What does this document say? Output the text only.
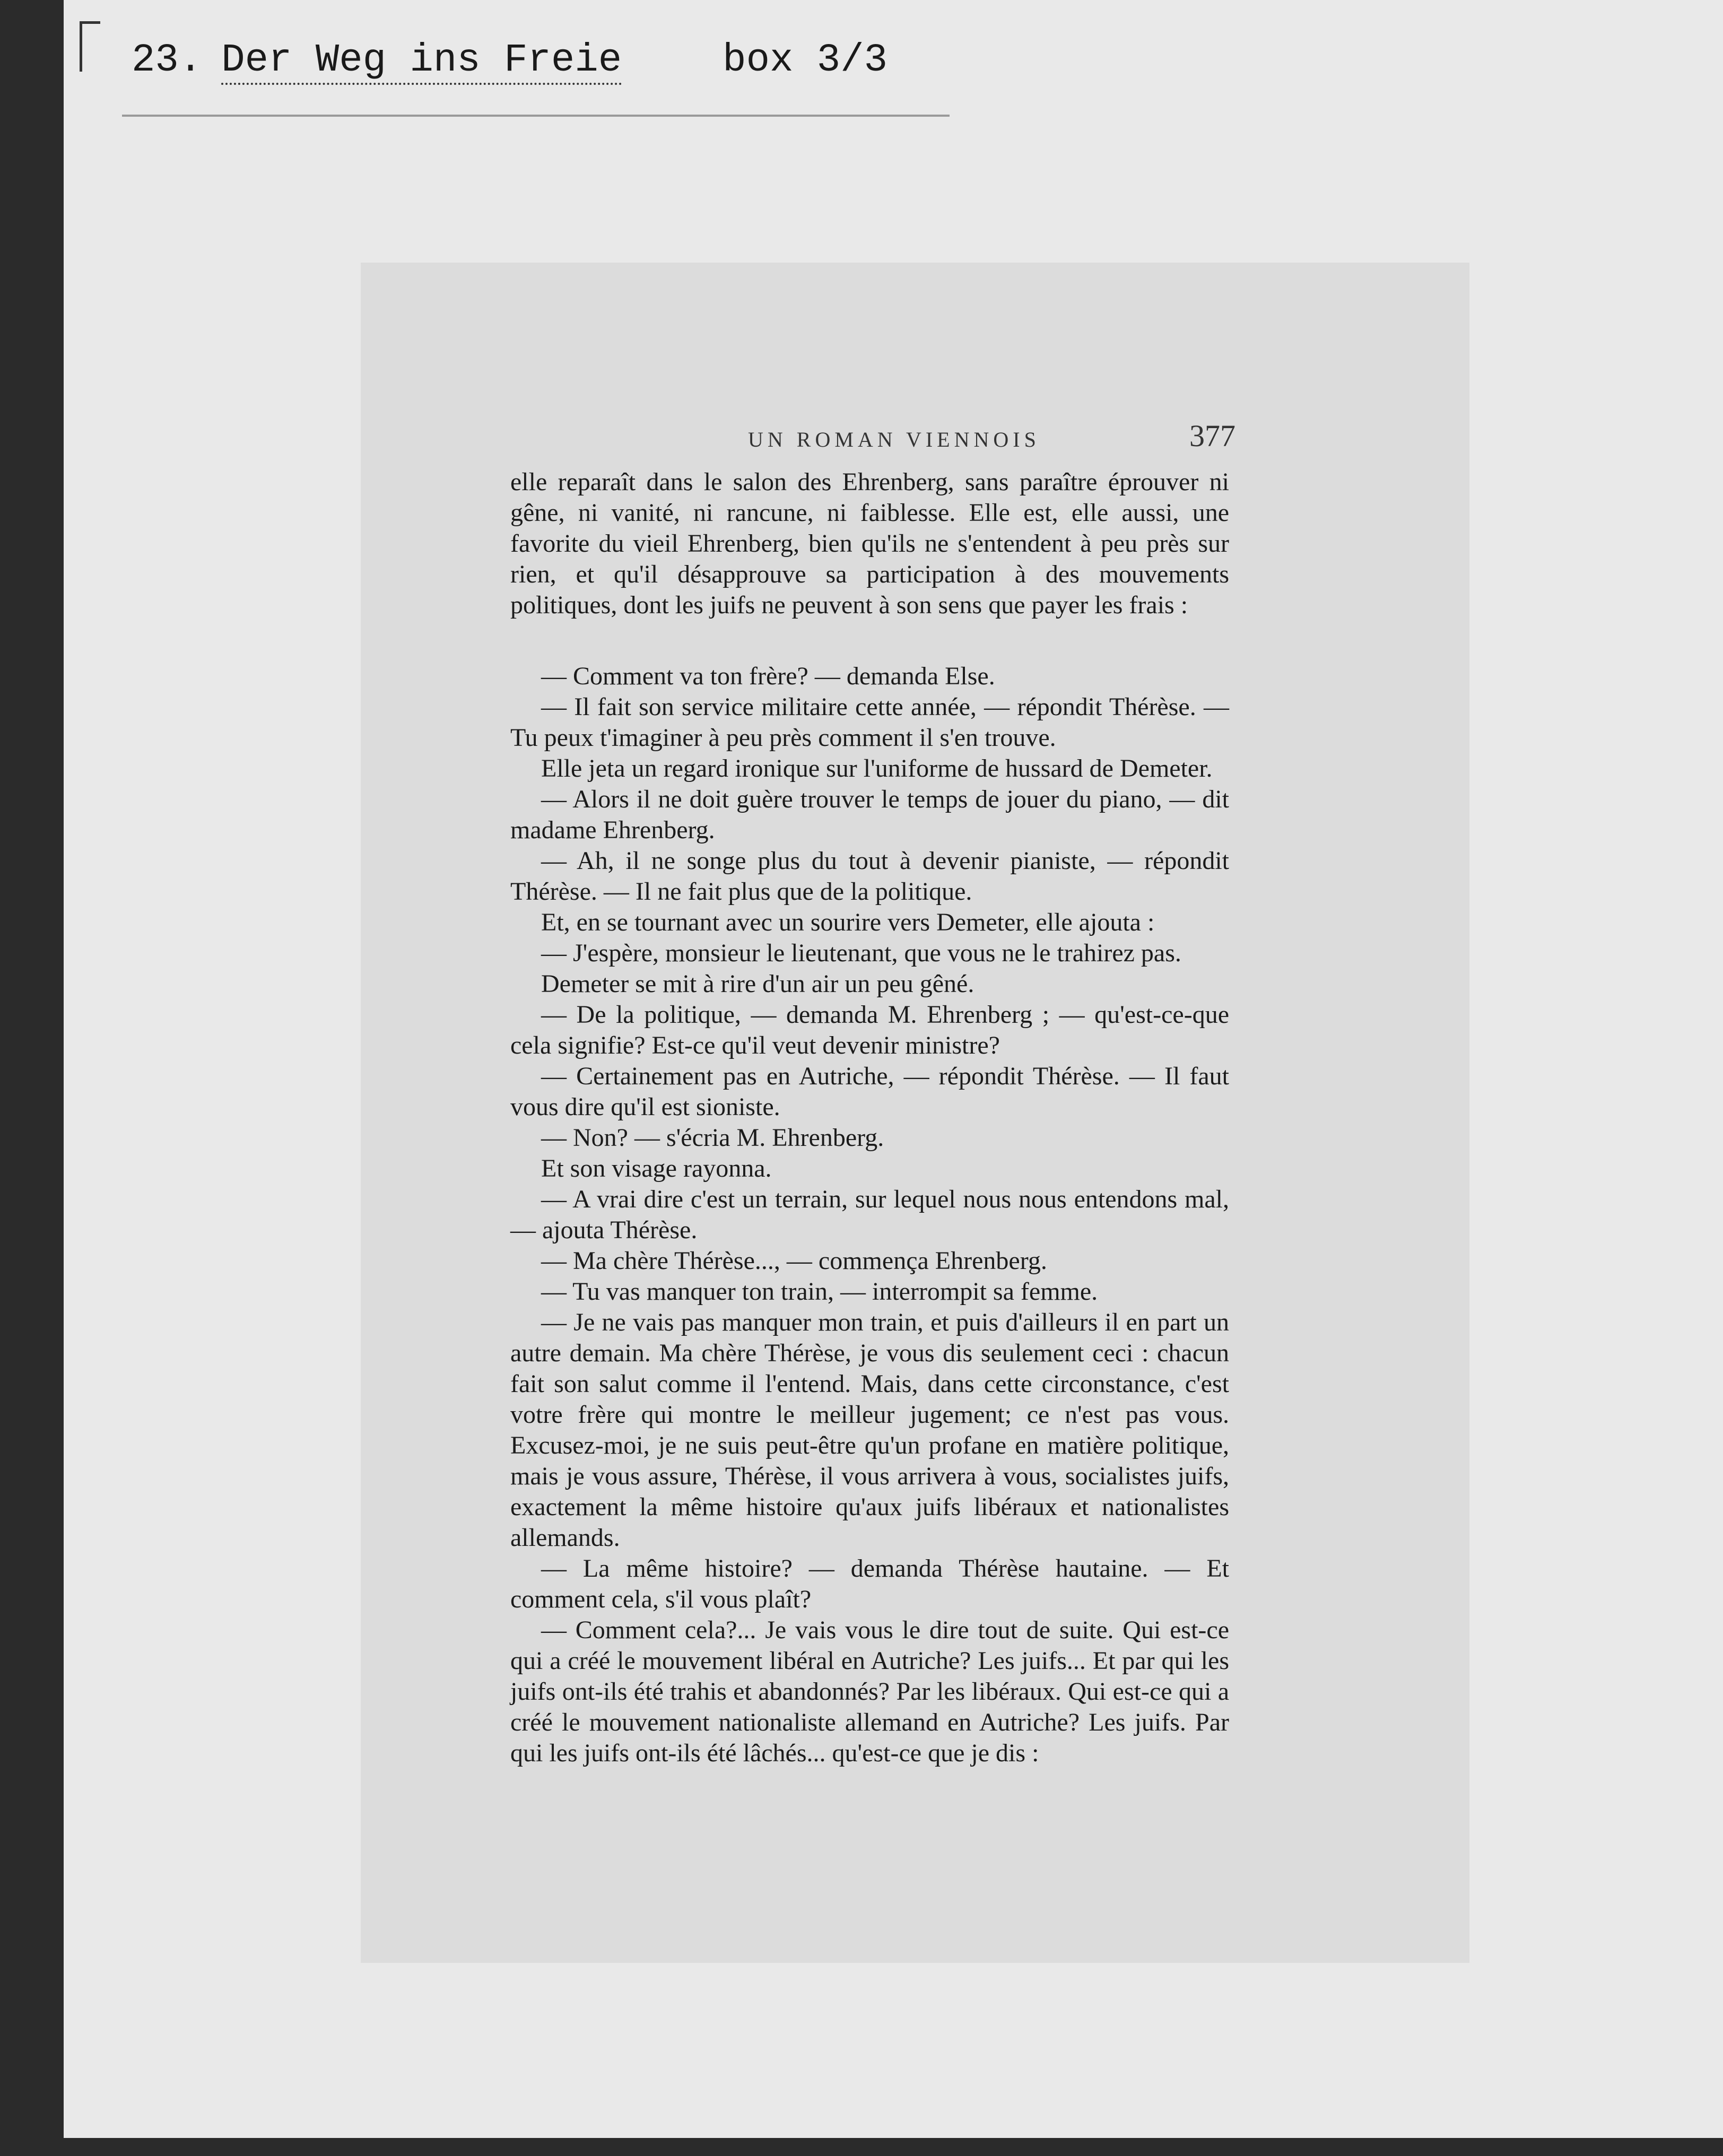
23. Der Weg ins Freie	box 3/3
UN ROMAN VIENNOIS	377

elle reparaît dans le salon des Ehrenberg, sans paraître éprouver ni gêne, ni vanité, ni rancune, ni faiblesse. Elle est, elle aussi, une favorite du vieil Ehrenberg, bien qu'ils ne s'entendent à peu près sur rien, et qu'il désapprouve sa participation à des mouvements politiques, dont les juifs ne peuvent à son sens que payer les frais :

— Comment va ton frère? — demanda Else.

— Il fait son service militaire cette année, — répondit Thérèse. — Tu peux t'imaginer à peu près comment il s'en trouve.

Elle jeta un regard ironique sur l'uniforme de hussard de Demeter.

— Alors il ne doit guère trouver le temps de jouer du piano, — dit madame Ehrenberg.

— Ah, il ne songe plus du tout à devenir pianiste, — répondit Thérèse. — Il ne fait plus que de la politique.

Et, en se tournant avec un sourire vers Demeter, elle ajouta :

— J'espère, monsieur le lieutenant, que vous ne le trahirez pas.

Demeter se mit à rire d'un air un peu gêné.

— De la politique, — demanda M. Ehrenberg ; — qu'est-ce-que cela signifie? Est-ce qu'il veut devenir ministre?

— Certainement pas en Autriche, — répondit Thérèse. — Il faut vous dire qu'il est sioniste.

— Non? — s'écria M. Ehrenberg.

Et son visage rayonna.

— A vrai dire c'est un terrain, sur lequel nous nous entendons mal, — ajouta Thérèse.

— Ma chère Thérèse..., — commença Ehrenberg.

— Tu vas manquer ton train, — interrompit sa femme.

— Je ne vais pas manquer mon train, et puis d'ailleurs il en part un autre demain. Ma chère Thérèse, je vous dis seulement ceci : chacun fait son salut comme il l'entend. Mais, dans cette circonstance, c'est votre frère qui montre le meilleur jugement; ce n'est pas vous. Excusez-moi, je ne suis peut-être qu'un profane en matière politique, mais je vous assure, Thérèse, il vous arrivera à vous, socialistes juifs, exactement la même histoire qu'aux juifs libéraux et nationalistes allemands.

— La même histoire? — demanda Thérèse hautaine. — Et comment cela, s'il vous plaît?

— Comment cela?... Je vais vous le dire tout de suite. Qui est-ce qui a créé le mouvement libéral en Autriche? Les juifs... Et par qui les juifs ont-ils été trahis et abandonnés? Par les libéraux. Qui est-ce qui a créé le mouvement nationaliste allemand en Autriche? Les juifs. Par qui les juifs ont-ils été lâchés... qu'est-ce que je dis :
